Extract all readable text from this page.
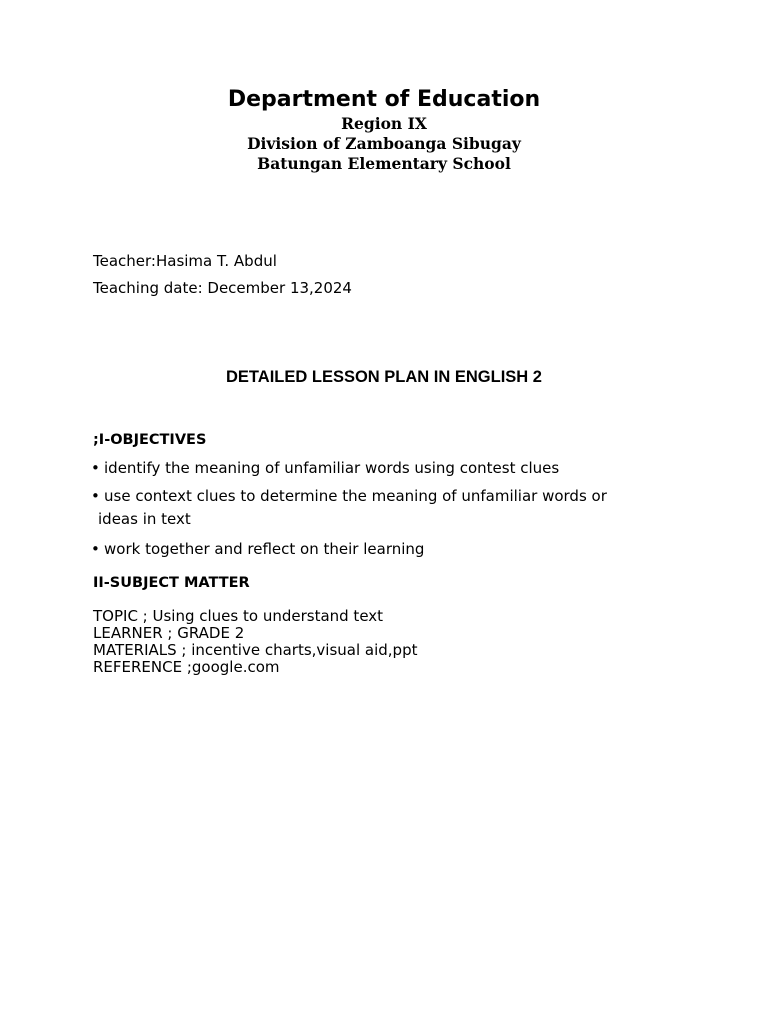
Department of Education
Region IX
Division of Zamboanga Sibugay
Batungan Elementary School
Teacher:Hasima T. Abdul
Teaching date: December 13,2024
DETAILED LESSON PLAN IN ENGLISH 2
;I-OBJECTIVES
• identify the meaning of unfamiliar words using contest clues
• use context clues to determine the meaning of unfamiliar words or
ideas in text
• work together and reflect on their learning
II-SUBJECT MATTER
TOPIC ; Using clues to understand text
LEARNER ; GRADE 2
MATERIALS ; incentive charts,visual aid,ppt
REFERENCE ;google.com
